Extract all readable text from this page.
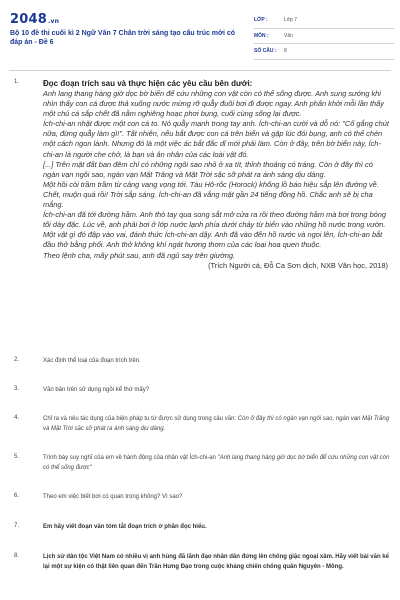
2048.vn
Bộ 10 đề thi cuối kì 2 Ngữ Văn 7 Chân trời sáng tạo cấu trúc mới có đáp án - Đề 6
LỚP :	Lớp 7
MÔN :	Văn
SỐ CÂU :	8
1.	Đọc đoạn trích sau và thực hiện các yêu cầu bên dưới:

Anh lang thang hàng giờ dọc bờ biển để cứu những con vật còn có thể sống được. Anh sung sướng khi nhìn thấy con cá được thả xuống nước mừng rỡ quẫy đuôi bơi đi được ngay. Anh phấn khởi mỗi lần thấy một chú cá sắp chết đã nằm nghiêng hoạc phơi bụng, cuối cùng sống lại được.

Ích-chi-an nhặt được một con cá to. Nó quẫy mạnh trong tay anh. Ích-chi-an cười và dỗ nó: "Cố gắng chút nữa, đừng quẫy làm gì!". Tất nhiên, nếu bắt được con cá trên biển và gặp lúc đói bụng, anh có thể chén một cách ngon lành. Nhưng đó là một việc ác bắt đắc dĩ mới phải làm. Còn ở đây, trên bờ biển này, Ích-chi-an là người che chở, là bạn và ân nhân của các loài vật đó.

[...] Trên mặt đất ban đêm chỉ có những ngôi sao nhỏ ở xa tít, thỉnh thoảng có tráng. Còn ở đây thì có ngàn vạn ngôi sao, ngàn vạn Mặt Trăng và Mặt Trời sặc sỡ phát ra ánh sáng dịu dàng.

Một hồi còi trầm trầm từ cảng vang vọng tới. Tàu Hô-rốc (Horock) khống lồ báo hiệu sắp lên đường về. Chết, muộn quá rồi! Trời sắp sáng. Ích-chi-an đã vắng mặt gần 24 tiếng đồng hồ. Chắc anh sẽ bị cha mắng.

Ích-chi-an đã tới đường hầm. Anh thò tay qua song sắt mở cửa ra rồi theo đường hầm mà bơi trong bóng tối dày đặc. Lúc về, anh phải bơi ở lớp nước lạnh phía dưới chảy từ biển vào những hồ nước trong vườn.

Một vật gì đó đập vào vai, đánh thức Ích-chi-an dậy. Anh đã vào đến hồ nước và ngoi lên, Ích-chi-an bắt đầu thở bằng phổi. Anh thở không khí ngát hương thơm của các loại hoa quen thuộc.

Theo lệnh cha, mấy phút sau, anh đã ngủ say trên giường.

(Trích Người cá, Đỗ Ca Sơn dịch, NXB Văn học, 2018)

2.	Xác định thể loại của đoạn trích trên.
3.	Văn bản trên sử dụng ngôi kể thứ mấy?
4.	Chỉ ra và nêu tác dụng của biện pháp tu từ được sử dụng trong câu văn: Còn ở đây thì có ngàn vạn ngôi sao, ngàn vạn Mặt Trăng và Mặt Trời sặc sỡ phát ra ánh sáng dịu dàng.
5.	Trình bày suy nghĩ của em về hành động của nhân vật Ích-chi-an "Anh lang thang hàng giờ dọc bờ biển để cứu những con vật còn có thể sống được"
6.	Theo em việc biết bơi có quan trọng không? Vì sao?
7.	Em hãy viết đoạn văn tóm tắt đoạn trích ở phần đọc hiểu.
8.	Lịch sử dân tộc Việt Nam có nhiều vị anh hùng đã lãnh đạo nhân dân đứng lên chống giặc ngoại xâm. Hãy viết bài văn kể lại một sự kiện có thật liên quan đến Trần Hưng Đạo trong cuộc kháng chiến chống quân Nguyên - Mông.
